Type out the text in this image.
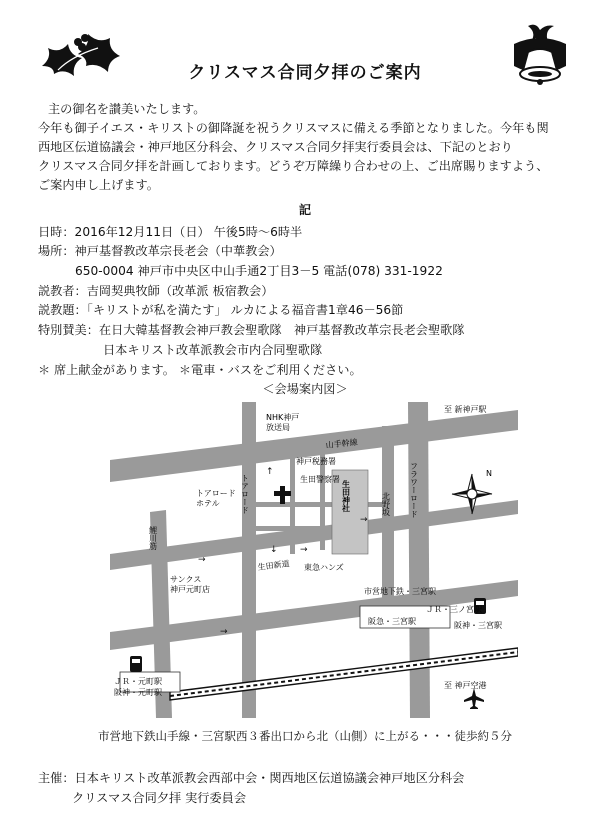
クリスマス合同夕拝のご案内
主の御名を讃美いたします。
今年も御子イエス・キリストの御降誕を祝うクリスマスに備える季節となりました。今年も関
西地区伝道協議会・神戸地区分科会、クリスマス合同夕拝実行委員会は、下記のとおり
クリスマス合同夕拝を計画しております。どうぞ万障繰り合わせの上、ご出席賜りますよう、
ご案内申し上げます。
記
日時：2016年12月11日（日） 午後5時～6時半
場所：神戸基督教改革宗長老会（中華教会）
650-0004 神戸市中央区中山手通2丁目3－5 電話(078) 331-1922
説教者：吉岡契典牧師（改革派 板宿教会）
説教題：「キリストが私を満たす」 ルカによる福音書1章46－56節
特別賛美：在日大韓基督教会神戸教会聖歌隊　神戸基督教改革宗長老会聖歌隊
日本キリスト改革派教会市内合同聖歌隊
＊ 席上献金があります。 ＊電車・バスをご利用ください。
＜会場案内図＞
N
↑
↓
→
→
→
→
NHK神戸放送局
至 新神戸駅
山手幹線
神戸税務署
生田警察署
生田神社	北野坂 フラワーロード
トアロードホテル	トアロード
鯉川筋
サンクス神戸元町店
生田新道 東急ハンズ
市営地下鉄・三宮駅
ＪＲ・三ノ宮駅
阪急・三宮駅	阪神・三宮駅
ＪＲ・元町駅
阪神・元町駅
至 神戸空港
市営地下鉄山手線・三宮駅西３番出口から北（山側）に上がる・・・徒歩約５分
主催：日本キリスト改革派教会西部中会・関西地区伝道協議会神戸地区分科会
クリスマス合同夕拝 実行委員会
